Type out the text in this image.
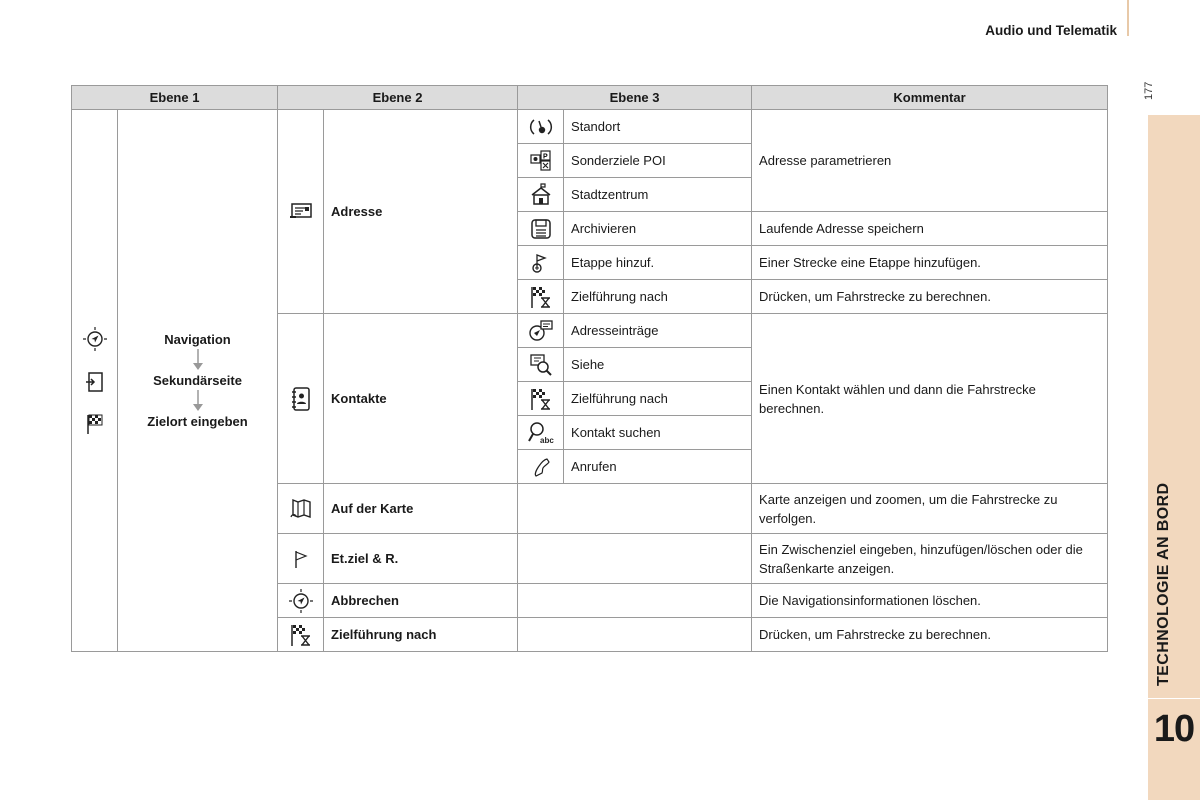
Audio und Telematik
177
TECHNOLOGIE AN BORD
10
Ebene 1		Ebene 2		Ebene 3		Kommentar

Navigation
Sekundärseite
Zielort eingeben		Adresse		Standort	Adresse parametrieren

P	Sonderziele POI	

	Stadtzentrum	

	Archivieren	Laufende Adresse speichern

	Etappe hinzuf.	Einer Strecke eine Etappe hinzufügen.

	Zielführung nach	Drücken, um Fahrstrecke zu berechnen.

	Kontakte		Adresseinträge	Einen Kontakt wählen und dann die Fahrstrecke berechnen.

	Siehe	

	Zielführung nach	

abc	Kontakt suchen	

	Anrufen	

	Auf der Karte			Karte anzeigen und zoomen, um die Fahrstrecke zu verfolgen.

	Et.ziel & R.			Ein Zwischenziel eingeben, hinzufügen/löschen oder die Straßenkarte anzeigen.

	Abbrechen			Die Navigationsinformationen löschen.

	Zielführung nach			Drücken, um Fahrstrecke zu berechnen.
